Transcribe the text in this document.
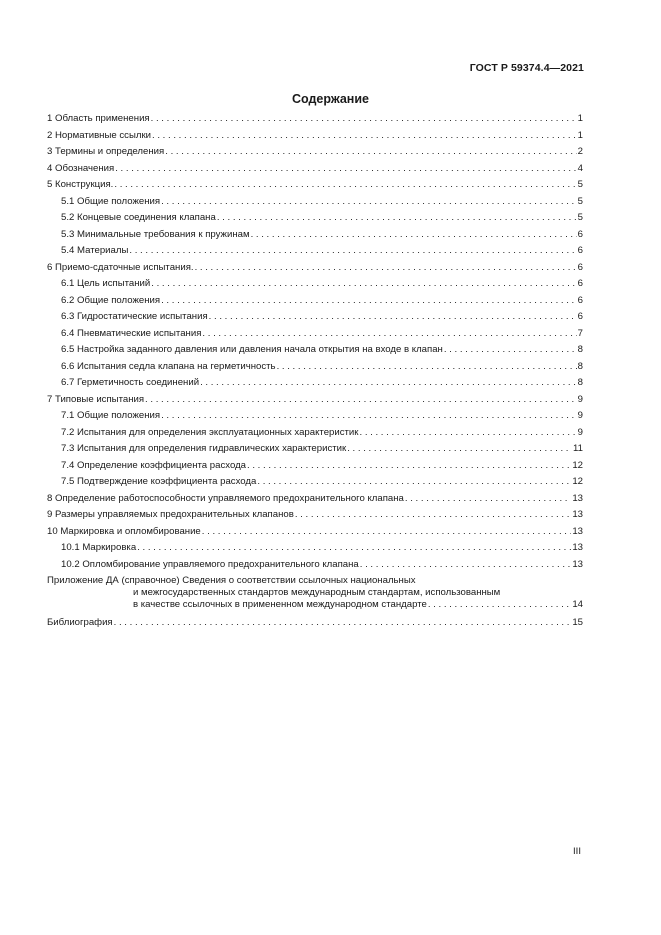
ГОСТ Р 59374.4—2021
Содержание
1 Область применения . . .	1
2 Нормативные ссылки . . .	1
3 Термины и определения . . .	2
4 Обозначения . . .	4
5 Конструкция. . . .	5
5.1 Общие положения . . .	5
5.2 Концевые соединения клапана . . .	5
5.3 Минимальные требования к пружинам . . .	6
5.4 Материалы . . .	6
6 Приемо-сдаточные испытания. . . .	6
6.1 Цель испытаний . . .	6
6.2 Общие положения . . .	6
6.3 Гидростатические испытания . . .	6
6.4 Пневматические испытания . . .	7
6.5 Настройка заданного давления или давления начала открытия на входе в клапан . . .	8
6.6 Испытания седла клапана на герметичность . . .	8
6.7 Герметичность соединений . . .	8
7 Типовые испытания . . .	9
7.1 Общие положения . . .	9
7.2 Испытания для определения эксплуатационных характеристик . . .	9
7.3 Испытания для определения гидравлических характеристик . . .	11
7.4 Определение коэффициента расхода . . .	12
7.5 Подтверждение коэффициента расхода . . .	12
8 Определение работоспособности управляемого предохранительного клапана . . .	13
9 Размеры управляемых предохранительных клапанов . . .	13
10 Маркировка и опломбирование . . .	13
10.1 Маркировка . . .	13
10.2 Опломбирование управляемого предохранительного клапана . . .	13
Приложение ДА (справочное) Сведения о соответствии ссылочных национальных
и межгосударственных стандартов международным стандартам, использованным
в качестве ссылочных в примененном международном стандарте . . .	14
Библиография . . .	15
III
